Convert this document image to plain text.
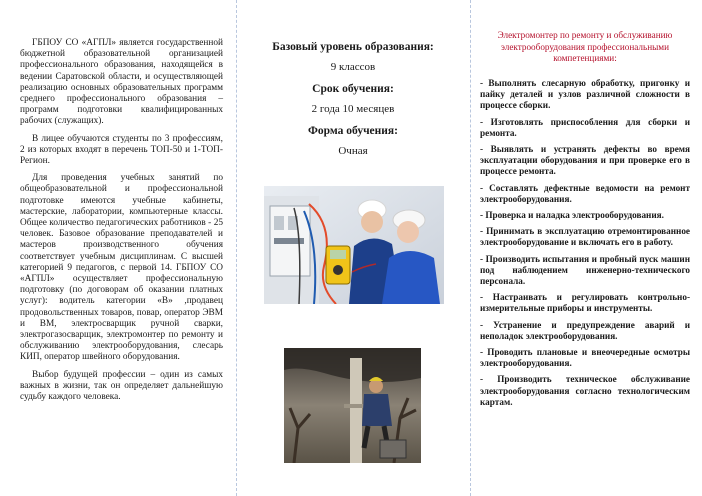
ГБПОУ СО «АГПЛ» является государственной бюджетной образовательной организацией профессионального образования, находящейся в ведении Саратовской области, и осуществляющей реализацию основных образовательных программ среднего профессионального образования – программ подготовки квалифицированных рабочих (служащих).

В лицее обучаются студенты по 3 профессиям, 2 из которых входят в перечень ТОП-50 и 1-ТОП-Регион.

Для проведения учебных занятий по общеобразовательной и профессиональной подготовке имеются учебные кабинеты, мастерские, лаборатории, компьютерные классы. Общее количество педагогических работников - 25 человек. Базовое образование преподавателей и мастеров производственного обучения соответствует учебным дисциплинам. С высшей категорией 9 педагогов, с первой 14. ГБПОУ СО «АГПЛ» осуществляет профессиональную подготовку (по договорам об оказании платных услуг): водитель категории «В» ,продавец продовольственных товаров, повар, оператор ЭВМ и ВМ, электросварщик ручной сварки, электрогазосварщик, электромонтер по ремонту и обслуживанию электрооборудования, слесарь КИП, оператор швейного оборудования.

Выбор будущей профессии – один из самых важных в жизни, так он определяет дальнейшую судьбу каждого человека.

Базовый уровень образования:
9 классов
Срок обучения:
2 года 10 месяцев
Форма обучения:
Очная
Электромонтер по ремонту и обслуживанию электрооборудования профессиональными компетенциями:
- Выполнять слесарную обработку, пригонку и пайку деталей и узлов различной сложности в процессе сборки.
- Изготовлять приспособления для сборки и ремонта.
- Выявлять и устранять дефекты во время эксплуатации оборудования и при проверке его в процессе ремонта.
- Составлять дефектные ведомости на ремонт электрооборудования.
- Проверка и наладка электрооборудования.
- Принимать в эксплуатацию отремонтированное электрооборудование и включать его в работу.
- Производить испытания и пробный пуск машин под наблюдением инженерно-технического персонала.
- Настраивать и регулировать контрольно-измерительные приборы и инструменты.
- Устранение и предупреждение аварий и неполадок электрооборудования.
- Проводить плановые и внеочередные осмотры электрооборудования.
- Производить техническое обслуживание электрооборудования согласно технологическим картам.
